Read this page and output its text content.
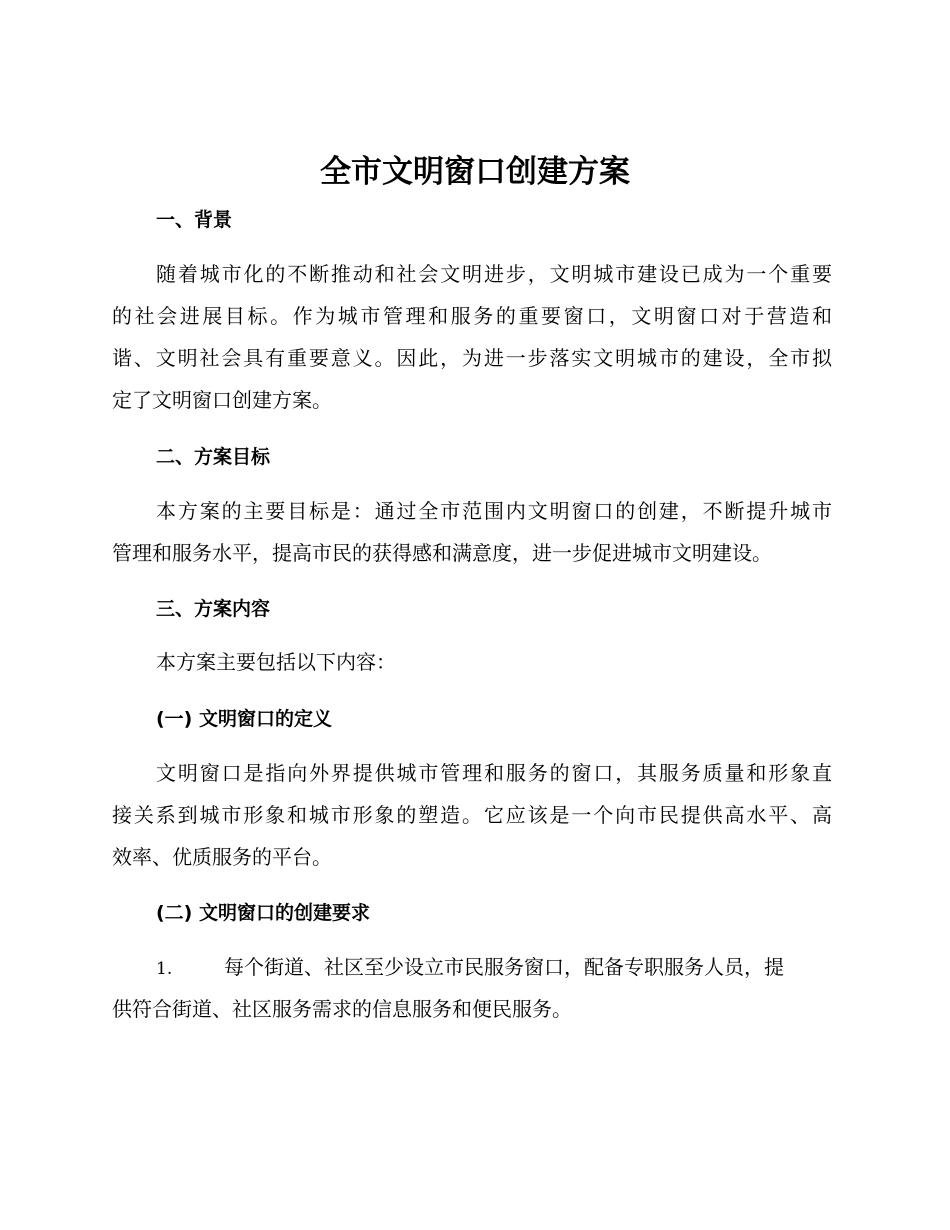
全市文明窗口创建方案
一、背景
随着城市化的不断推动和社会文明进步，文明城市建设已成为一个重要
的社会进展目标。作为城市管理和服务的重要窗口，文明窗口对于营造和
谐、文明社会具有重要意义。因此，为进一步落实文明城市的建设，全市拟
定了文明窗口创建方案。
二、方案目标
本方案的主要目标是：通过全市范围内文明窗口的创建，不断提升城市
管理和服务水平，提高市民的获得感和满意度，进一步促进城市文明建设。
三、方案内容
本方案主要包括以下内容：
(一) 文明窗口的定义
文明窗口是指向外界提供城市管理和服务的窗口，其服务质量和形象直
接关系到城市形象和城市形象的塑造。它应该是一个向市民提供高水平、高
效率、优质服务的平台。
(二) 文明窗口的创建要求
1.	每个街道、社区至少设立市民服务窗口，配备专职服务人员，提
供符合街道、社区服务需求的信息服务和便民服务。
